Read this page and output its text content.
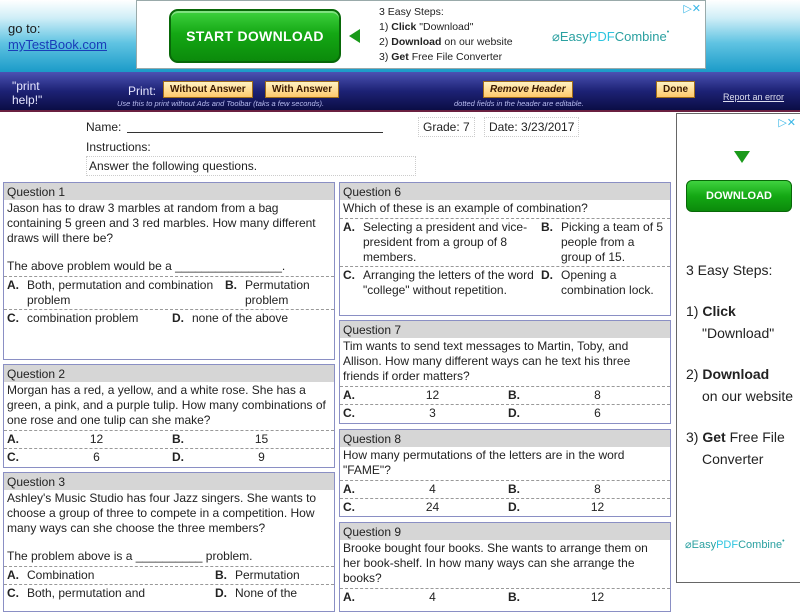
go to:
myTestBook.com
START DOWNLOAD
3 Easy Steps:
1) Click "Download"
2) Download on our website
3) Get Free File Converter
⌀EasyPDFCombine•
▷✕
"print help!"
Print:	Without Answer	With Answer
Use this to print without Ads and Toolbar (taks a few seconds).
Remove Header
dotted fields in the header are editable.
Done
Report an error
Name:	Grade: 7	Date: 3/23/2017
Instructions:
Answer the following questions.
Question 1
Jason has to draw 3 marbles at random from a bag containing 5 green and 3 red marbles. How many different draws will there be?
The above problem would be a ________________.
A. Both, permutation and combination problem
B. Permutation problem
C. combination problem	D. none of the above
Question 2
Morgan has a red, a yellow, and a white rose. She has a green, a pink, and a purple tulip. How many combinations of one rose and one tulip can she make?
A.	12	B.	15
C.	6	D.	9
Question 3
Ashley's Music Studio has four Jazz singers. She wants to choose a group of three to compete in a competition. How many ways can she choose the three members?
The problem above is a __________ problem.
A. Combination	B. Permutation
C. Both, permutation and	D. None of the
Question 6
Which of these is an example of combination?
A. Selecting a president and vice-president from a group of 8 members.
B. Picking a team of 5 people from a group of 15.
C. Arranging the letters of the word "college" without repetition.
D. Opening a combination lock.
Question 7
Tim wants to send text messages to Martin, Toby, and Allison. How many different ways can he text his three friends if order matters?
A.	12	B.	8
C.	3	D.	6
Question 8
How many permutations of the letters are in the word "FAME"?
A.	4	B.	8
C.	24	D.	12
Question 9
Brooke bought four books. She wants to arrange them on her book-shelf. In how many ways can she arrange the books?
A.	4	B.	12
▷✕
DOWNLOAD
3 Easy Steps:
1) Click
"Download"
2) Download
on our website
3) Get Free File
Converter
⌀EasyPDFCombine•
